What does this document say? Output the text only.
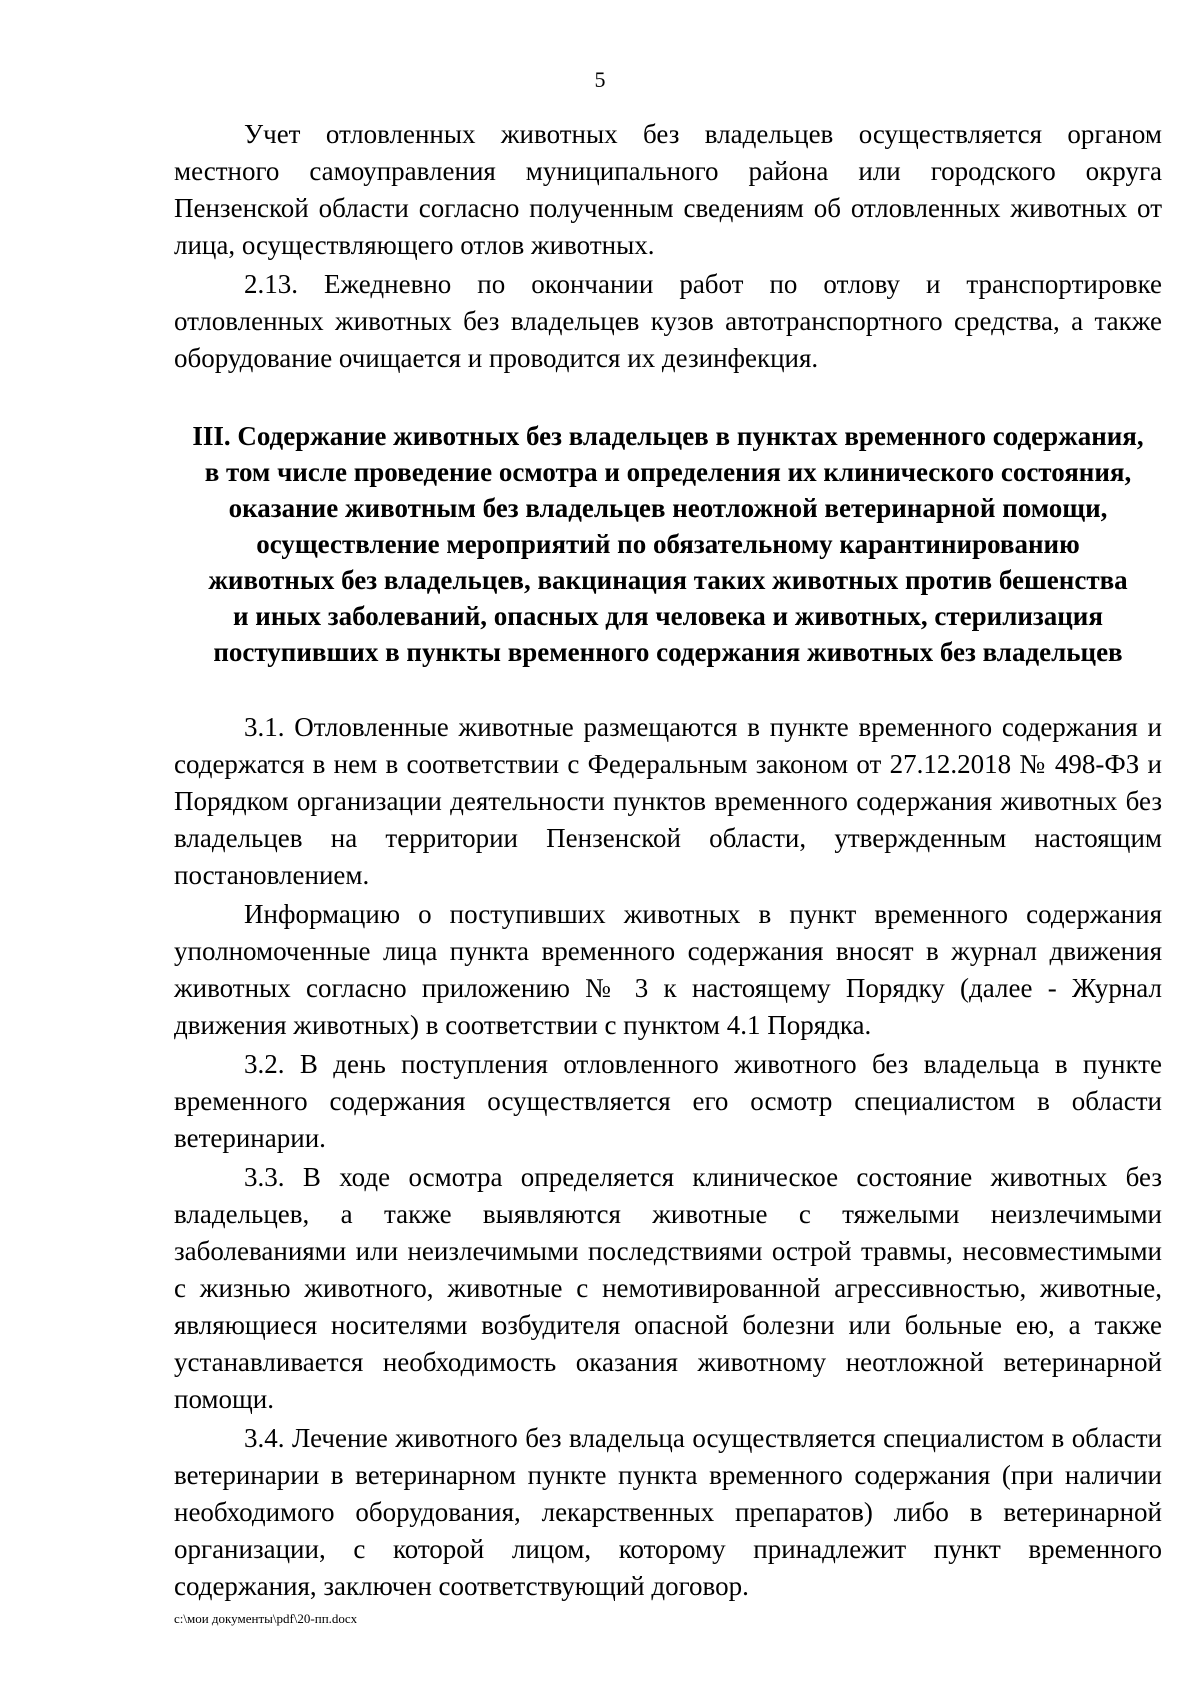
5

Учет отловленных животных без владельцев осуществляется органом местного самоуправления муниципального района или городского округа Пензенской области согласно полученным сведениям об отловленных животных от лица, осуществляющего отлов животных.

2.13. Ежедневно по окончании работ по отлову и транспортировке отловленных животных без владельцев кузов автотранспортного средства, а также оборудование очищается и проводится их дезинфекция.

III. Содержание животных без владельцев в пунктах временного содержания,
в том числе проведение осмотра и определения их клинического состояния,
оказание животным без владельцев неотложной ветеринарной помощи,
осуществление мероприятий по обязательному карантинированию
животных без владельцев, вакцинация таких животных против бешенства
и иных заболеваний, опасных для человека и животных, стерилизация
поступивших в пункты временного содержания животных без владельцев

3.1. Отловленные животные размещаются в пункте временного содержания и содержатся в нем в соответствии с Федеральным законом от 27.12.2018 № 498-ФЗ и Порядком организации деятельности пунктов временного содержания животных без владельцев на территории Пензенской области, утвержденным настоящим постановлением.

Информацию о поступивших животных в пункт временного содержания уполномоченные лица пункта временного содержания вносят в журнал движения животных согласно приложению № 3 к настоящему Порядку (далее - Журнал движения животных) в соответствии с пунктом 4.1 Порядка.

3.2. В день поступления отловленного животного без владельца в пункте временного содержания осуществляется его осмотр специалистом в области ветеринарии.

3.3. В ходе осмотра определяется клиническое состояние животных без владельцев, а также выявляются животные с тяжелыми неизлечимыми заболеваниями или неизлечимыми последствиями острой травмы, несовместимыми с жизнью животного, животные с немотивированной агрессивностью, животные, являющиеся носителями возбудителя опасной болезни или больные ею, а также устанавливается необходимость оказания животному неотложной ветеринарной помощи.

3.4. Лечение животного без владельца осуществляется специалистом в области ветеринарии в ветеринарном пункте пункта временного содержания (при наличии необходимого оборудования, лекарственных препаратов) либо в ветеринарной организации, с которой лицом, которому принадлежит пункт временного содержания, заключен соответствующий договор.

c:\мои документы\pdf\20-пп.docx
